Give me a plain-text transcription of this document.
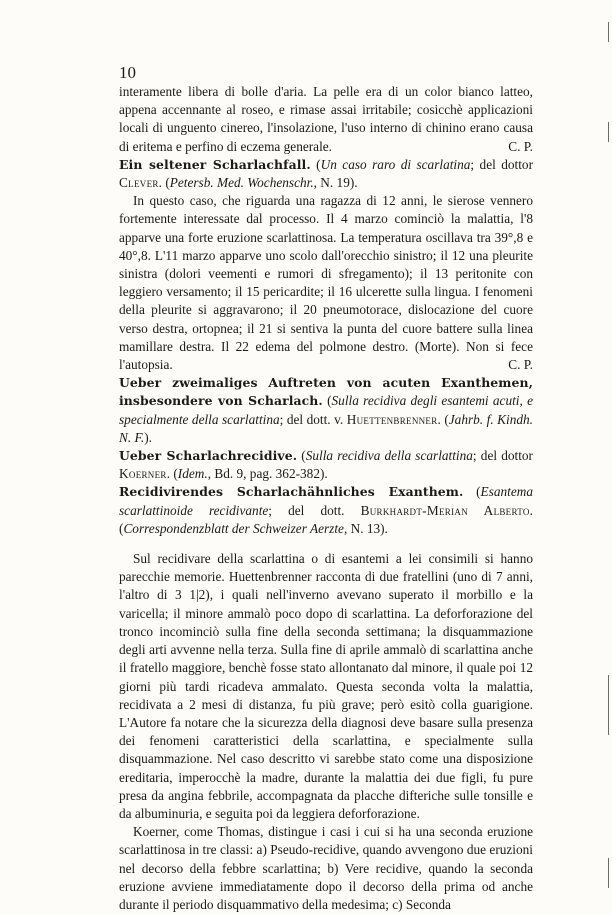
10

interamente libera di bolle d'aria. La pelle era di un color bianco latteo, appena accennante al roseo, e rimase assai irritabile; cosicchè applicazioni locali di unguento cinereo, l'insolazione, l'uso interno di chinino erano causa di eritema e perfino di eczema generale.	C. P.

Ein seltener Scharlachfall. (Un caso raro di scarlatina; del dottor Clever. (Petersb. Med. Wochenschr., N. 19).

In questo caso, che riguarda una ragazza di 12 anni, le sierose vennero fortemente interessate dal processo. Il 4 marzo cominciò la malattia, l'8 apparve una forte eruzione scarlattinosa. La temperatura oscillava tra 39°,8 e 40°,8. L'11 marzo apparve uno scolo dall'orecchio sinistro; il 12 una pleurite sinistra (dolori veementi e rumori di sfregamento); il 13 peritonite con leggiero versamento; il 15 pericardite; il 16 ulcerette sulla lingua. I fenomeni della pleurite si aggravarono; il 20 pneumotorace, dislocazione del cuore verso destra, ortopnea; il 21 si sentiva la punta del cuore battere sulla linea mamillare destra. Il 22 edema del polmone destro. (Morte). Non si fece l'autopsia.	C. P.

Ueber zweimaliges Auftreten von acuten Exanthemen, insbesondere von Scharlach. (Sulla recidiva degli esantemi acuti, e specialmente della scarlattina; del dott. v. Huettenbrenner. (Jahrb. f. Kindh. N. F.).

Ueber Scharlachrecidive. (Sulla recidiva della scarlattina; del dottor Koerner. (Idem., Bd. 9, pag. 362-382).

Recidivirendes Scharlachähnliches Exanthem. (Esantema scarlattinoide recidivante; del dott. Burkhardt-Merian Alberto. (Correspondenzblatt der Schweizer Aerzte, N. 13).

Sul recidivare della scarlattina o di esantemi a lei consimili si hanno parecchie memorie. Huettenbrenner racconta di due fratellini (uno di 7 anni, l'altro di 3 1|2), i quali nell'inverno avevano superato il morbillo e la varicella; il minore ammalò poco dopo di scarlattina. La deforforazione del tronco incominciò sulla fine della seconda settimana; la disquammazione degli arti avvenne nella terza. Sulla fine di aprile ammalò di scarlattina anche il fratello maggiore, benchè fosse stato allontanato dal minore, il quale poi 12 giorni più tardi ricadeva ammalato. Questa seconda volta la malattia, recidivata a 2 mesi di distanza, fu più grave; però esitò colla guarigione. L'Autore fa notare che la sicurezza della diagnosi deve basare sulla presenza dei fenomeni caratteristici della scarlattina, e specialmente sulla disquammazione. Nel caso descritto vi sarebbe stato come una disposizione ereditaria, imperocchè la madre, durante la malattia dei due figli, fu pure presa da angina febbrile, accompagnata da placche difteriche sulle tonsille e da albuminuria, e seguita poi da leggiera deforforazione.

Koerner, come Thomas, distingue i casi i cui si ha una seconda eruzione scarlattinosa in tre classi: a) Pseudo-recidive, quando avvengono due eruzioni nel decorso della febbre scarlattina; b) Vere recidive, quando la seconda eruzione avviene immediatamente dopo il decorso della prima od anche durante il periodo disquammativo della medesima; c) Seconda
